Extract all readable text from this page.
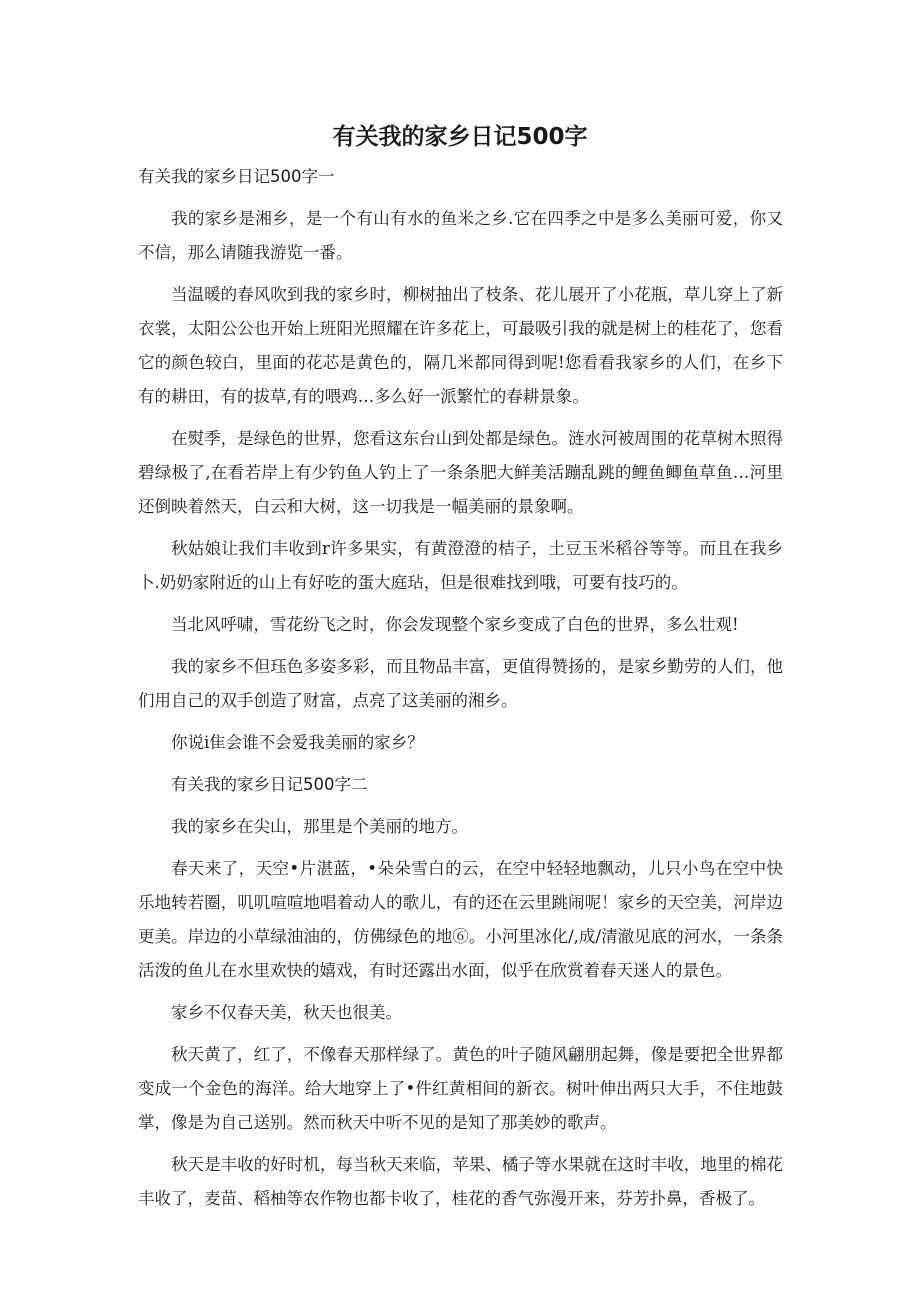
有关我的家乡日记500字

有关我的家乡日记500字一

我的家乡是湘乡，是一个有山有水的鱼米之乡.它在四季之中是多么美丽可爱，你又不信，那么请随我游览一番。

当温暖的春风吹到我的家乡时，柳树抽出了枝条、花儿展开了小花瓶，草儿穿上了新衣裳，太阳公公也开始上班阳光照耀在许多花上，可最吸引我的就是树上的桂花了，您看它的颜色较白，里面的花芯是黄色的，隔几米都同得到呢!您看看我家乡的人们，在乡下有的耕田，有的拔草,有的喂鸡…多么好一派繁忙的春耕景象。

在熨季，是绿色的世界，您看这东台山到处都是绿色。涟水河被周围的花草树木照得碧绿极了,在看若岸上有少钓鱼人钓上了一条条肥大鲜美活蹦乱跳的鲤鱼鲫鱼草鱼…河里还倒映着然天，白云和大树，这一切我是一幅美丽的景象啊。

秋姑娘让我们丰收到r许多果实，有黄澄澄的桔子，土豆玉米稻谷等等。而且在我乡卜.奶奶家附近的山上有好吃的蛋大庭玷，但是很难找到哦，可要有技巧的。

当北风呼啸，雪花纷飞之时，你会发现整个家乡变成了白色的世界，多么壮观!

我的家乡不但珏色多姿多彩，而且物品丰富，更值得赞扬的，是家乡勤劳的人们，他们用自己的双手创造了财富，点亮了这美丽的湘乡。

你说i隹会谁不会爱我美丽的家乡？

有关我的家乡日记500字二

我的家乡在尖山，那里是个美丽的地方。

春天来了，天空•片湛蓝，•朵朵雪白的云，在空中轻轻地飘动，儿只小鸟在空中快乐地转若圈，叽叽喧喧地唱着动人的歌儿，有的还在云里跳闹呢！家乡的天空美，河岸边更美。岸边的小草绿油油的，仿佛绿色的地⑥。小河里冰化/,成/清澈见底的河水，一条条活泼的鱼儿在水里欢快的嬉戏，有时还露出水面，似乎在欣赏着春天迷人的景色。

家乡不仅春天美，秋天也很美。

秋天黄了，红了，不像春天那样绿了。黄色的叶子随风翩朋起舞，像是要把全世界都变成一个金色的海洋。给大地穿上了•件红黄相间的新衣。树叶伸出两只大手，不住地鼓掌，像是为自己送别。然而秋天中听不见的是知了那美妙的歌声。

秋天是丰收的好时机，每当秋天来临，苹果、橘子等水果就在这时丰收，地里的棉花丰收了，麦苗、稻柚等农作物也都卡收了，桂花的香气弥漫开来，芬芳扑鼻，香极了。
